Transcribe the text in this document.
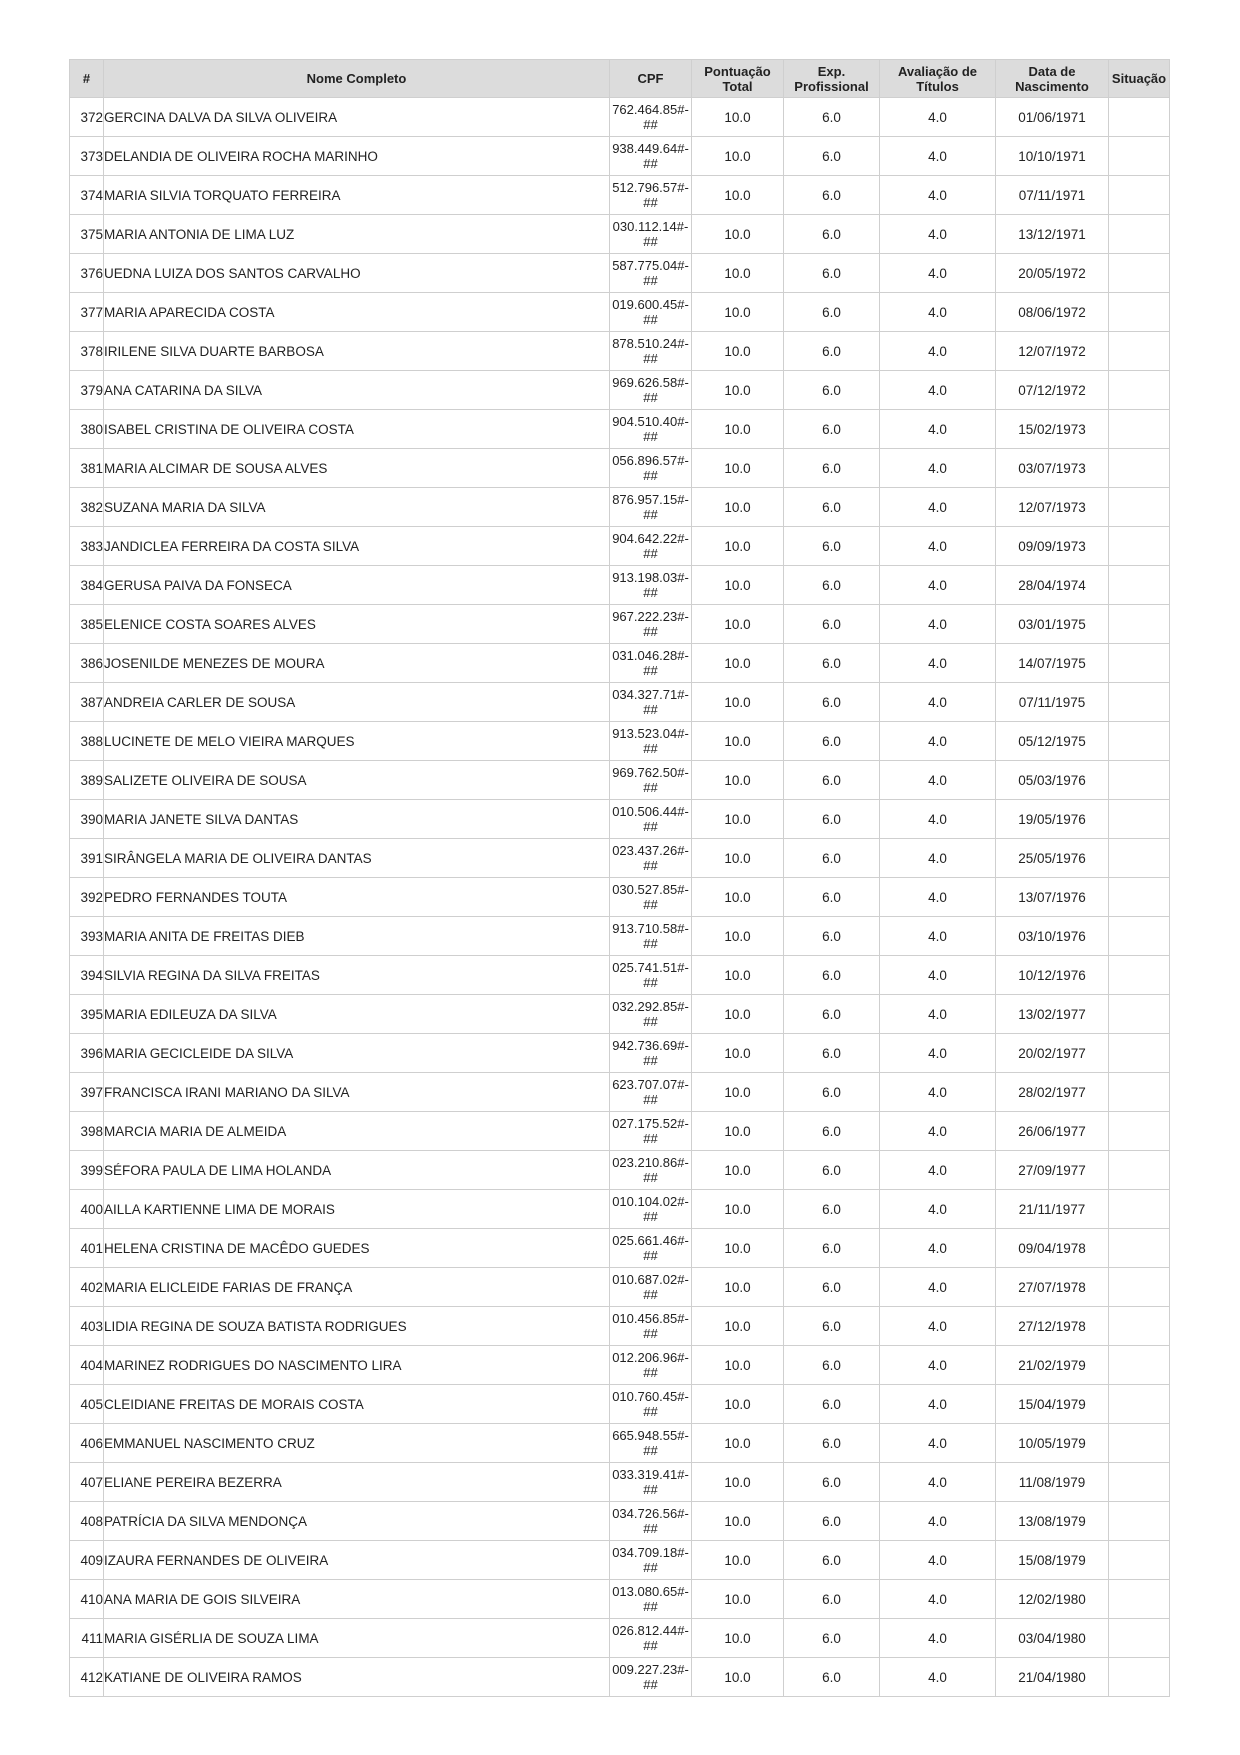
#	Nome Completo	CPF	Pontuação Total	Exp. Profissional	Avaliação de Títulos	Data de Nascimento	Situação
372	GERCINA DALVA DA SILVA OLIVEIRA	762.464.85#-##	10.0	6.0	4.0	01/06/1971	
373	DELANDIA DE OLIVEIRA ROCHA MARINHO	938.449.64#-##	10.0	6.0	4.0	10/10/1971	
374	MARIA SILVIA TORQUATO FERREIRA	512.796.57#-##	10.0	6.0	4.0	07/11/1971	
375	MARIA ANTONIA DE LIMA LUZ	030.112.14#-##	10.0	6.0	4.0	13/12/1971	
376	UEDNA LUIZA DOS SANTOS CARVALHO	587.775.04#-##	10.0	6.0	4.0	20/05/1972	
377	MARIA APARECIDA COSTA	019.600.45#-##	10.0	6.0	4.0	08/06/1972	
378	IRILENE SILVA DUARTE BARBOSA	878.510.24#-##	10.0	6.0	4.0	12/07/1972	
379	ANA CATARINA DA SILVA	969.626.58#-##	10.0	6.0	4.0	07/12/1972	
380	ISABEL CRISTINA DE OLIVEIRA COSTA	904.510.40#-##	10.0	6.0	4.0	15/02/1973	
381	MARIA ALCIMAR DE SOUSA ALVES	056.896.57#-##	10.0	6.0	4.0	03/07/1973	
382	SUZANA MARIA DA SILVA	876.957.15#-##	10.0	6.0	4.0	12/07/1973	
383	JANDICLEA FERREIRA DA COSTA SILVA	904.642.22#-##	10.0	6.0	4.0	09/09/1973	
384	GERUSA PAIVA DA FONSECA	913.198.03#-##	10.0	6.0	4.0	28/04/1974	
385	ELENICE COSTA SOARES ALVES	967.222.23#-##	10.0	6.0	4.0	03/01/1975	
386	JOSENILDE MENEZES DE MOURA	031.046.28#-##	10.0	6.0	4.0	14/07/1975	
387	ANDREIA CARLER DE SOUSA	034.327.71#-##	10.0	6.0	4.0	07/11/1975	
388	LUCINETE DE MELO VIEIRA MARQUES	913.523.04#-##	10.0	6.0	4.0	05/12/1975	
389	SALIZETE OLIVEIRA DE SOUSA	969.762.50#-##	10.0	6.0	4.0	05/03/1976	
390	MARIA JANETE SILVA DANTAS	010.506.44#-##	10.0	6.0	4.0	19/05/1976	
391	SIRÂNGELA MARIA DE OLIVEIRA DANTAS	023.437.26#-##	10.0	6.0	4.0	25/05/1976	
392	PEDRO FERNANDES TOUTA	030.527.85#-##	10.0	6.0	4.0	13/07/1976	
393	MARIA ANITA DE FREITAS DIEB	913.710.58#-##	10.0	6.0	4.0	03/10/1976	
394	SILVIA REGINA DA SILVA FREITAS	025.741.51#-##	10.0	6.0	4.0	10/12/1976	
395	MARIA EDILEUZA DA SILVA	032.292.85#-##	10.0	6.0	4.0	13/02/1977	
396	MARIA GECICLEIDE DA SILVA	942.736.69#-##	10.0	6.0	4.0	20/02/1977	
397	FRANCISCA IRANI MARIANO DA SILVA	623.707.07#-##	10.0	6.0	4.0	28/02/1977	
398	MARCIA MARIA DE ALMEIDA	027.175.52#-##	10.0	6.0	4.0	26/06/1977	
399	SÉFORA PAULA DE LIMA HOLANDA	023.210.86#-##	10.0	6.0	4.0	27/09/1977	
400	AILLA KARTIENNE LIMA DE MORAIS	010.104.02#-##	10.0	6.0	4.0	21/11/1977	
401	HELENA CRISTINA DE MACÊDO GUEDES	025.661.46#-##	10.0	6.0	4.0	09/04/1978	
402	MARIA ELICLEIDE FARIAS DE FRANÇA	010.687.02#-##	10.0	6.0	4.0	27/07/1978	
403	LIDIA REGINA DE SOUZA BATISTA RODRIGUES	010.456.85#-##	10.0	6.0	4.0	27/12/1978	
404	MARINEZ RODRIGUES DO NASCIMENTO LIRA	012.206.96#-##	10.0	6.0	4.0	21/02/1979	
405	CLEIDIANE FREITAS DE MORAIS COSTA	010.760.45#-##	10.0	6.0	4.0	15/04/1979	
406	EMMANUEL NASCIMENTO CRUZ	665.948.55#-##	10.0	6.0	4.0	10/05/1979	
407	ELIANE PEREIRA BEZERRA	033.319.41#-##	10.0	6.0	4.0	11/08/1979	
408	PATRÍCIA DA SILVA MENDONÇA	034.726.56#-##	10.0	6.0	4.0	13/08/1979	
409	IZAURA FERNANDES DE OLIVEIRA	034.709.18#-##	10.0	6.0	4.0	15/08/1979	
410	ANA MARIA DE GOIS SILVEIRA	013.080.65#-##	10.0	6.0	4.0	12/02/1980	
411	MARIA GISÉRLIA DE SOUZA LIMA	026.812.44#-##	10.0	6.0	4.0	03/04/1980	
412	KATIANE DE OLIVEIRA RAMOS	009.227.23#-##	10.0	6.0	4.0	21/04/1980	
